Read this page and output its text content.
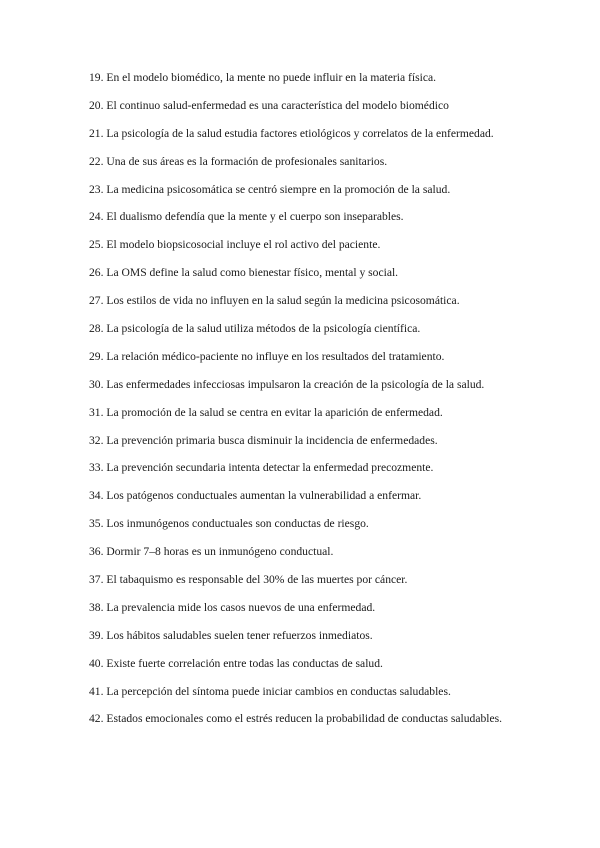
19. En el modelo biomédico, la mente no puede influir en la materia física.
20. El continuo salud-enfermedad es una característica del modelo biomédico
21. La psicología de la salud estudia factores etiológicos y correlatos de la enfermedad.
22. Una de sus áreas es la formación de profesionales sanitarios.
23. La medicina psicosomática se centró siempre en la promoción de la salud.
24. El dualismo defendía que la mente y el cuerpo son inseparables.
25. El modelo biopsicosocial incluye el rol activo del paciente.
26. La OMS define la salud como bienestar físico, mental y social.
27. Los estilos de vida no influyen en la salud según la medicina psicosomática.
28. La psicología de la salud utiliza métodos de la psicología científica.
29. La relación médico-paciente no influye en los resultados del tratamiento.
30. Las enfermedades infecciosas impulsaron la creación de la psicología de la salud.
31. La promoción de la salud se centra en evitar la aparición de enfermedad.
32. La prevención primaria busca disminuir la incidencia de enfermedades.
33. La prevención secundaria intenta detectar la enfermedad precozmente.
34. Los patógenos conductuales aumentan la vulnerabilidad a enfermar.
35. Los inmunógenos conductuales son conductas de riesgo.
36. Dormir 7–8 horas es un inmunógeno conductual.
37. El tabaquismo es responsable del 30% de las muertes por cáncer.
38. La prevalencia mide los casos nuevos de una enfermedad.
39. Los hábitos saludables suelen tener refuerzos inmediatos.
40. Existe fuerte correlación entre todas las conductas de salud.
41. La percepción del síntoma puede iniciar cambios en conductas saludables.
42. Estados emocionales como el estrés reducen la probabilidad de conductas saludables.
